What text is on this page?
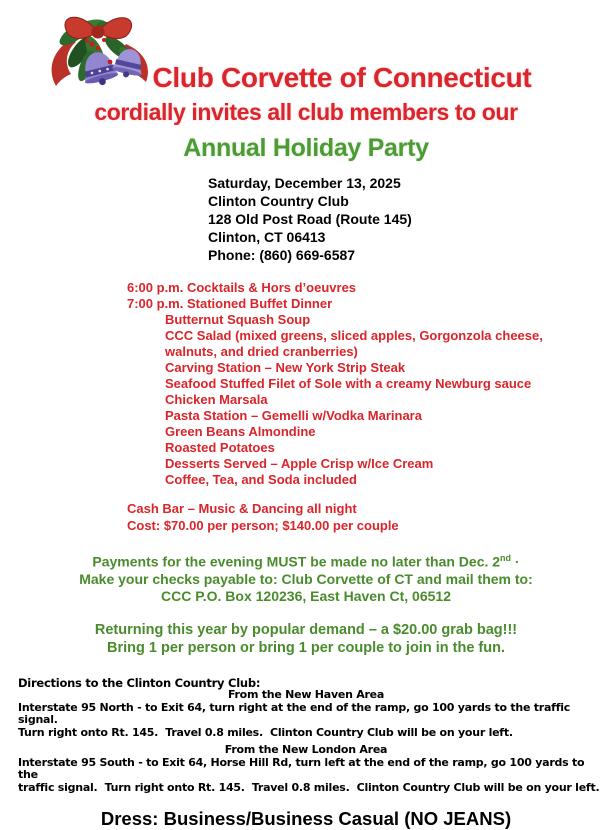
Club Corvette of Connecticut
cordially invites all club members to our
Annual Holiday Party
Saturday, December 13, 2025
Clinton Country Club
128 Old Post Road (Route 145)
Clinton, CT 06413
Phone: (860) 669-6587
6:00 p.m. Cocktails & Hors d’oeuvres
7:00 p.m. Stationed Buffet Dinner
Butternut Squash Soup
CCC Salad (mixed greens, sliced apples, Gorgonzola cheese,
walnuts, and dried cranberries)
Carving Station – New York Strip Steak
Seafood Stuffed Filet of Sole with a creamy Newburg sauce
Chicken Marsala
Pasta Station – Gemelli w/Vodka Marinara
Green Beans Almondine
Roasted Potatoes
Desserts Served – Apple Crisp w/Ice Cream
Coffee, Tea, and Soda included
Cash Bar – Music & Dancing all night
Cost: $70.00 per person; $140.00 per couple
Payments for the evening MUST be made no later than Dec. 2nd ·
Make your checks payable to: Club Corvette of CT and mail them to:
CCC P.O. Box 120236, East Haven Ct, 06512
Returning this year by popular demand – a $20.00 grab bag!!!
Bring 1 per person or bring 1 per couple to join in the fun.
Directions to the Clinton Country Club:
From the New Haven Area
Interstate 95 North - to Exit 64, turn right at the end of the ramp, go 100 yards to the traffic signal.
Turn right onto Rt. 145.  Travel 0.8 miles.  Clinton Country Club will be on your left.
From the New London Area
Interstate 95 South - to Exit 64, Horse Hill Rd, turn left at the end of the ramp, go 100 yards to the
traffic signal.  Turn right onto Rt. 145.  Travel 0.8 miles.  Clinton Country Club will be on your left.
Dress: Business/Business Casual (NO JEANS)
